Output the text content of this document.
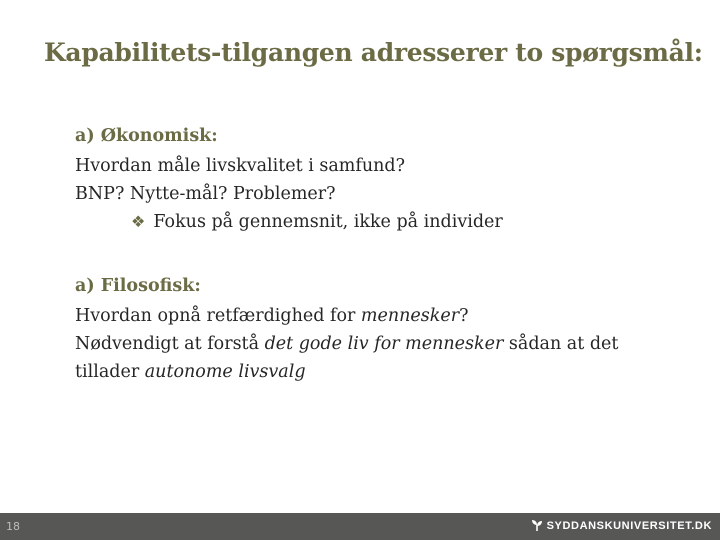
Kapabilitets-tilgangen adresserer to spørgsmål:
a) Økonomisk:
Hvordan måle livskvalitet i samfund?
BNP? Nytte-mål? Problemer?
❖ Fokus på gennemsnit, ikke på individer
a) Filosofisk:
Hvordan opnå retfærdighed for mennesker?
Nødvendigt at forstå det gode liv for mennesker sådan at det tillader autonome livsvalg
18	SYDDANSKUNIVERSITET.DK
